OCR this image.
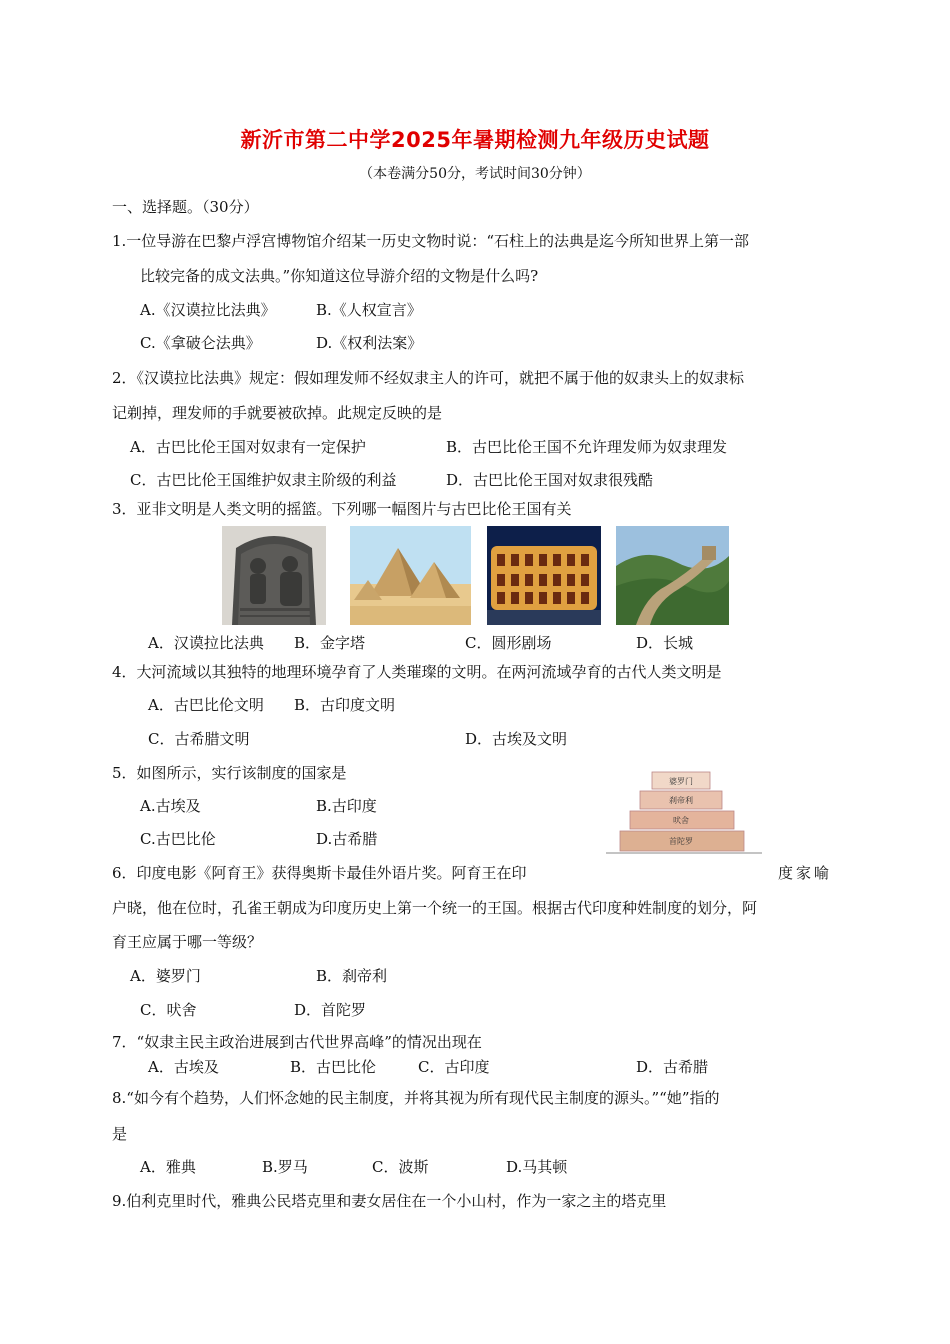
新沂市第二中学2025年暑期检测九年级历史试题
（本卷满分50分，考试时间30分钟）
一、选择题。（30分）
1.一位导游在巴黎卢浮宫博物馆介绍某一历史文物时说：“石柱上的法典是迄今所知世界上第一部
比较完备的成文法典。”你知道这位导游介绍的文物是什么吗?
A.《汉谟拉比法典》	B.《人权宣言》
C.《拿破仑法典》	D.《权利法案》
2．《汉谟拉比法典》规定：假如理发师不经奴隶主人的许可，就把不属于他的奴隶头上的奴隶标
记剃掉，理发师的手就要被砍掉。此规定反映的是
A．古巴比伦王国对奴隶有一定保护	B．古巴比伦王国不允许理发师为奴隶理发
C．古巴比伦王国维护奴隶主阶级的利益	D．古巴比伦王国对奴隶很残酷
3．亚非文明是人类文明的摇篮。下列哪一幅图片与古巴比伦王国有关
A．汉谟拉比法典 B．金字塔	C．圆形剧场	D．长城
4．大河流域以其独特的地理环境孕育了人类璀璨的文明。在两河流域孕育的古代人类文明是
A．古巴比伦文明 B．古印度文明
C．古希腊文明	D．古埃及文明
5．如图所示，实行该制度的国家是
A.古埃及	B.古印度
C.古巴比伦	D.古希腊
婆罗门
刹帝利
吠舍
首陀罗
6．印度电影《阿育王》获得奥斯卡最佳外语片奖。阿育王在印	度家喻
户晓，他在位时，孔雀王朝成为印度历史上第一个统一的王国。根据古代印度种姓制度的划分，阿
育王应属于哪一等级？
A．婆罗门	B．刹帝利
C．吠舍	D．首陀罗
7．“奴隶主民主政治进展到古代世界高峰”的情况出现在
A．古埃及	B．古巴比伦	C．古印度	D．古希腊
8.“如今有个趋势，人们怀念她的民主制度，并将其视为所有现代民主制度的源头。”“她”指的
是
A．雅典	B.罗马	C．波斯	D.马其顿
9.伯利克里时代，雅典公民塔克里和妻女居住在一个小山村，作为一家之主的塔克里
